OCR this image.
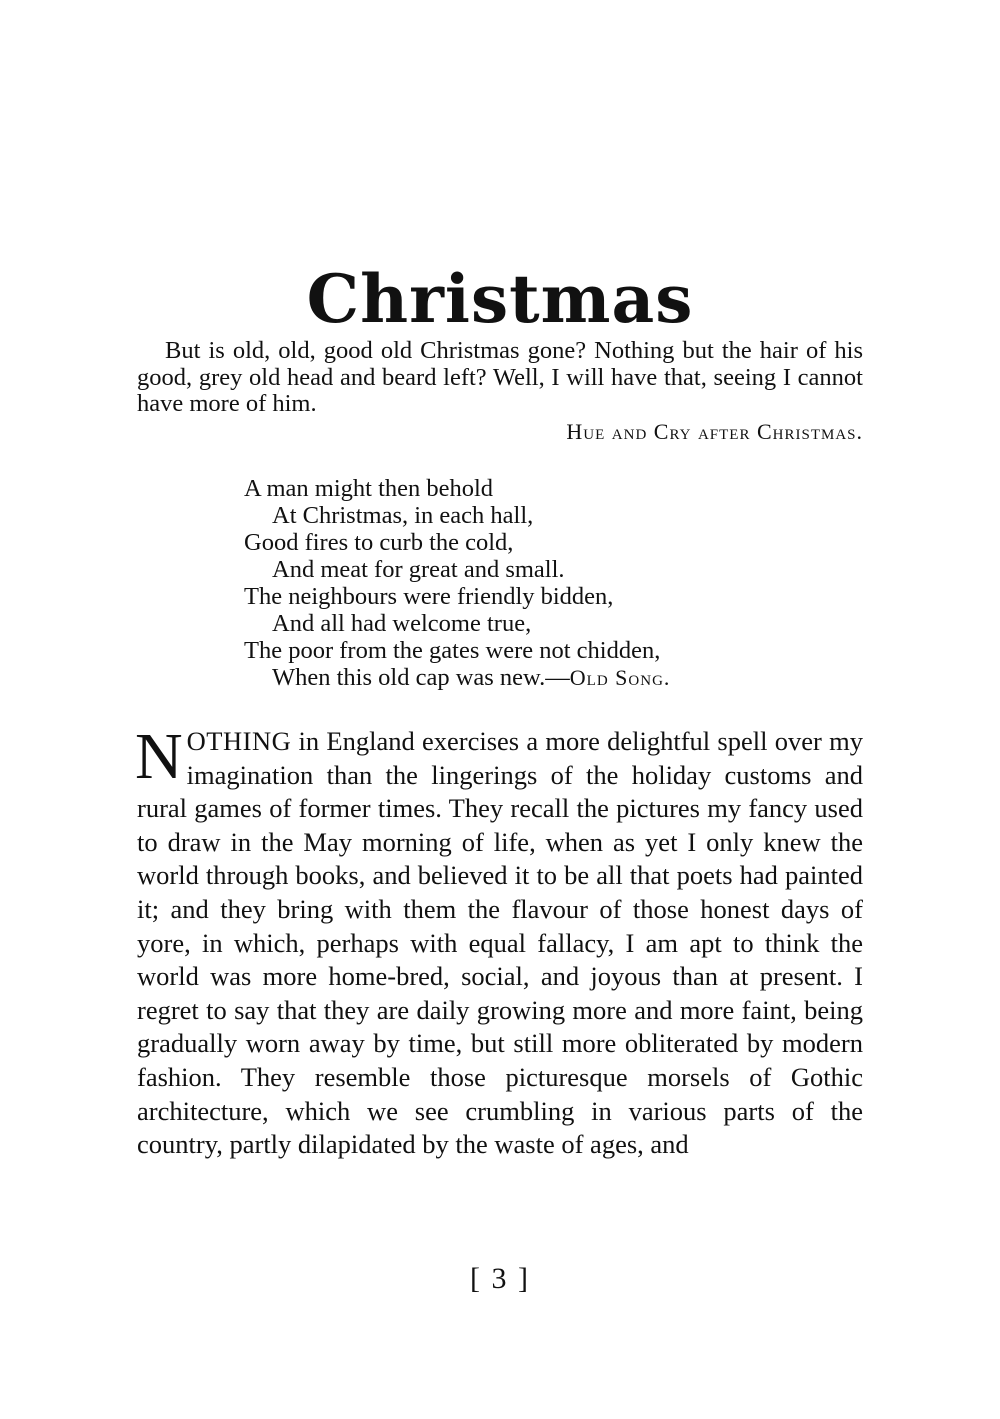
Christmas

But is old, old, good old Christmas gone? Nothing but the hair of his good, grey old head and beard left? Well, I will have that, seeing I cannot have more of him.

Hue and Cry after Christmas.

A man might then behold
At Christmas, in each hall,
Good fires to curb the cold,
And meat for great and small.
The neighbours were friendly bidden,
And all had welcome true,
The poor from the gates were not chidden,
When this old cap was new.—Old Song.

NOTHING in England exercises a more delightful spell over my imagination than the lingerings of the holiday customs and rural games of former times. They recall the pictures my fancy used to draw in the May morning of life, when as yet I only knew the world through books, and believed it to be all that poets had painted it; and they bring with them the flavour of those honest days of yore, in which, perhaps with equal fallacy, I am apt to think the world was more home-bred, social, and joyous than at present. I regret to say that they are daily growing more and more faint, being gradually worn away by time, but still more obliterated by modern fashion. They resemble those picturesque morsels of Gothic architecture, which we see crumbling in various parts of the country, partly dilapidated by the waste of ages, and

[ 3 ]
